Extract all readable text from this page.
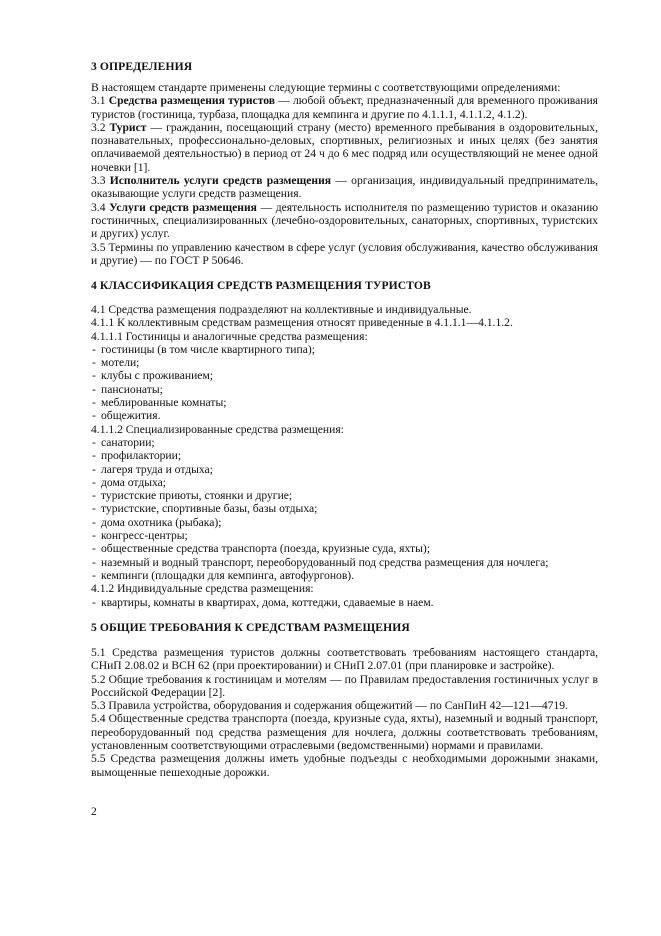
3 ОПРЕДЕЛЕНИЯ

В настоящем стандарте применены следующие термины с соответствующими определениями:

3.1 Средства размещения туристов — любой объект, предназначенный для временного проживания туристов (гостиница, турбаза, площадка для кемпинга и другие по 4.1.1.1, 4.1.1.2, 4.1.2).

3.2 Турист — гражданин, посещающий страну (место) временного пребывания в оздоровительных, познавательных, профессионально-деловых, спортивных, религиозных и иных целях (без занятия оплачиваемой деятельностью) в период от 24 ч до 6 мес подряд или осуществляющий не менее одной ночевки [1].

3.3 Исполнитель услуги средств размещения — организация, индивидуальный предприниматель, оказывающие услуги средств размещения.

3.4 Услуги средств размещения — деятельность исполнителя по размещению туристов и оказанию гостиничных, специализированных (лечебно-оздоровительных, санаторных, спортивных, туристских и других) услуг.

3.5 Термины по управлению качеством в сфере услуг (условия обслуживания, качество обслуживания и другие) — по ГОСТ Р 50646.

4 КЛАССИФИКАЦИЯ СРЕДСТВ РАЗМЕЩЕНИЯ ТУРИСТОВ

4.1 Средства размещения подразделяют на коллективные и индивидуальные.

4.1.1 К коллективным средствам размещения относят приведенные в 4.1.1.1—4.1.1.2.

4.1.1.1 Гостиницы и аналогичные средства размещения:

- гостиницы (в том числе квартирного типа);
- мотели;
- клубы с проживанием;
- пансионаты;
- меблированные комнаты;
- общежития.

4.1.1.2 Специализированные средства размещения:

- санатории;
- профилактории;
- лагеря труда и отдыха;
- дома отдыха;
- туристские приюты, стоянки и другие;
- туристские, спортивные базы, базы отдыха;
- дома охотника (рыбака);
- конгресс-центры;
- общественные средства транспорта (поезда, круизные суда, яхты);
- наземный и водный транспорт, переоборудованный под средства размещения для ночлега;
- кемпинги (площадки для кемпинга, автофургонов).

4.1.2 Индивидуальные средства размещения:

- квартиры, комнаты в квартирах, дома, коттеджи, сдаваемые в наем.
5 ОБЩИЕ ТРЕБОВАНИЯ К СРЕДСТВАМ РАЗМЕЩЕНИЯ

5.1 Средства размещения туристов должны соответствовать требованиям настоящего стандарта, СНиП 2.08.02 и ВСН 62 (при проектировании) и СНиП 2.07.01 (при планировке и застройке).

5.2 Общие требования к гостиницам и мотелям — по Правилам предоставления гостиничных услуг в Российской Федерации [2].

5.3 Правила устройства, оборудования и содержания общежитий — по СанПиН 42—121—4719.

5.4 Общественные средства транспорта (поезда, круизные суда, яхты), наземный и водный транспорт, переоборудованный под средства размещения для ночлега, должны соответствовать требованиям, установленным соответствующими отраслевыми (ведомственными) нормами и правилами.

5.5 Средства размещения должны иметь удобные подъезды с необходимыми дорожными знаками, вымощенные пешеходные дорожки.

2
